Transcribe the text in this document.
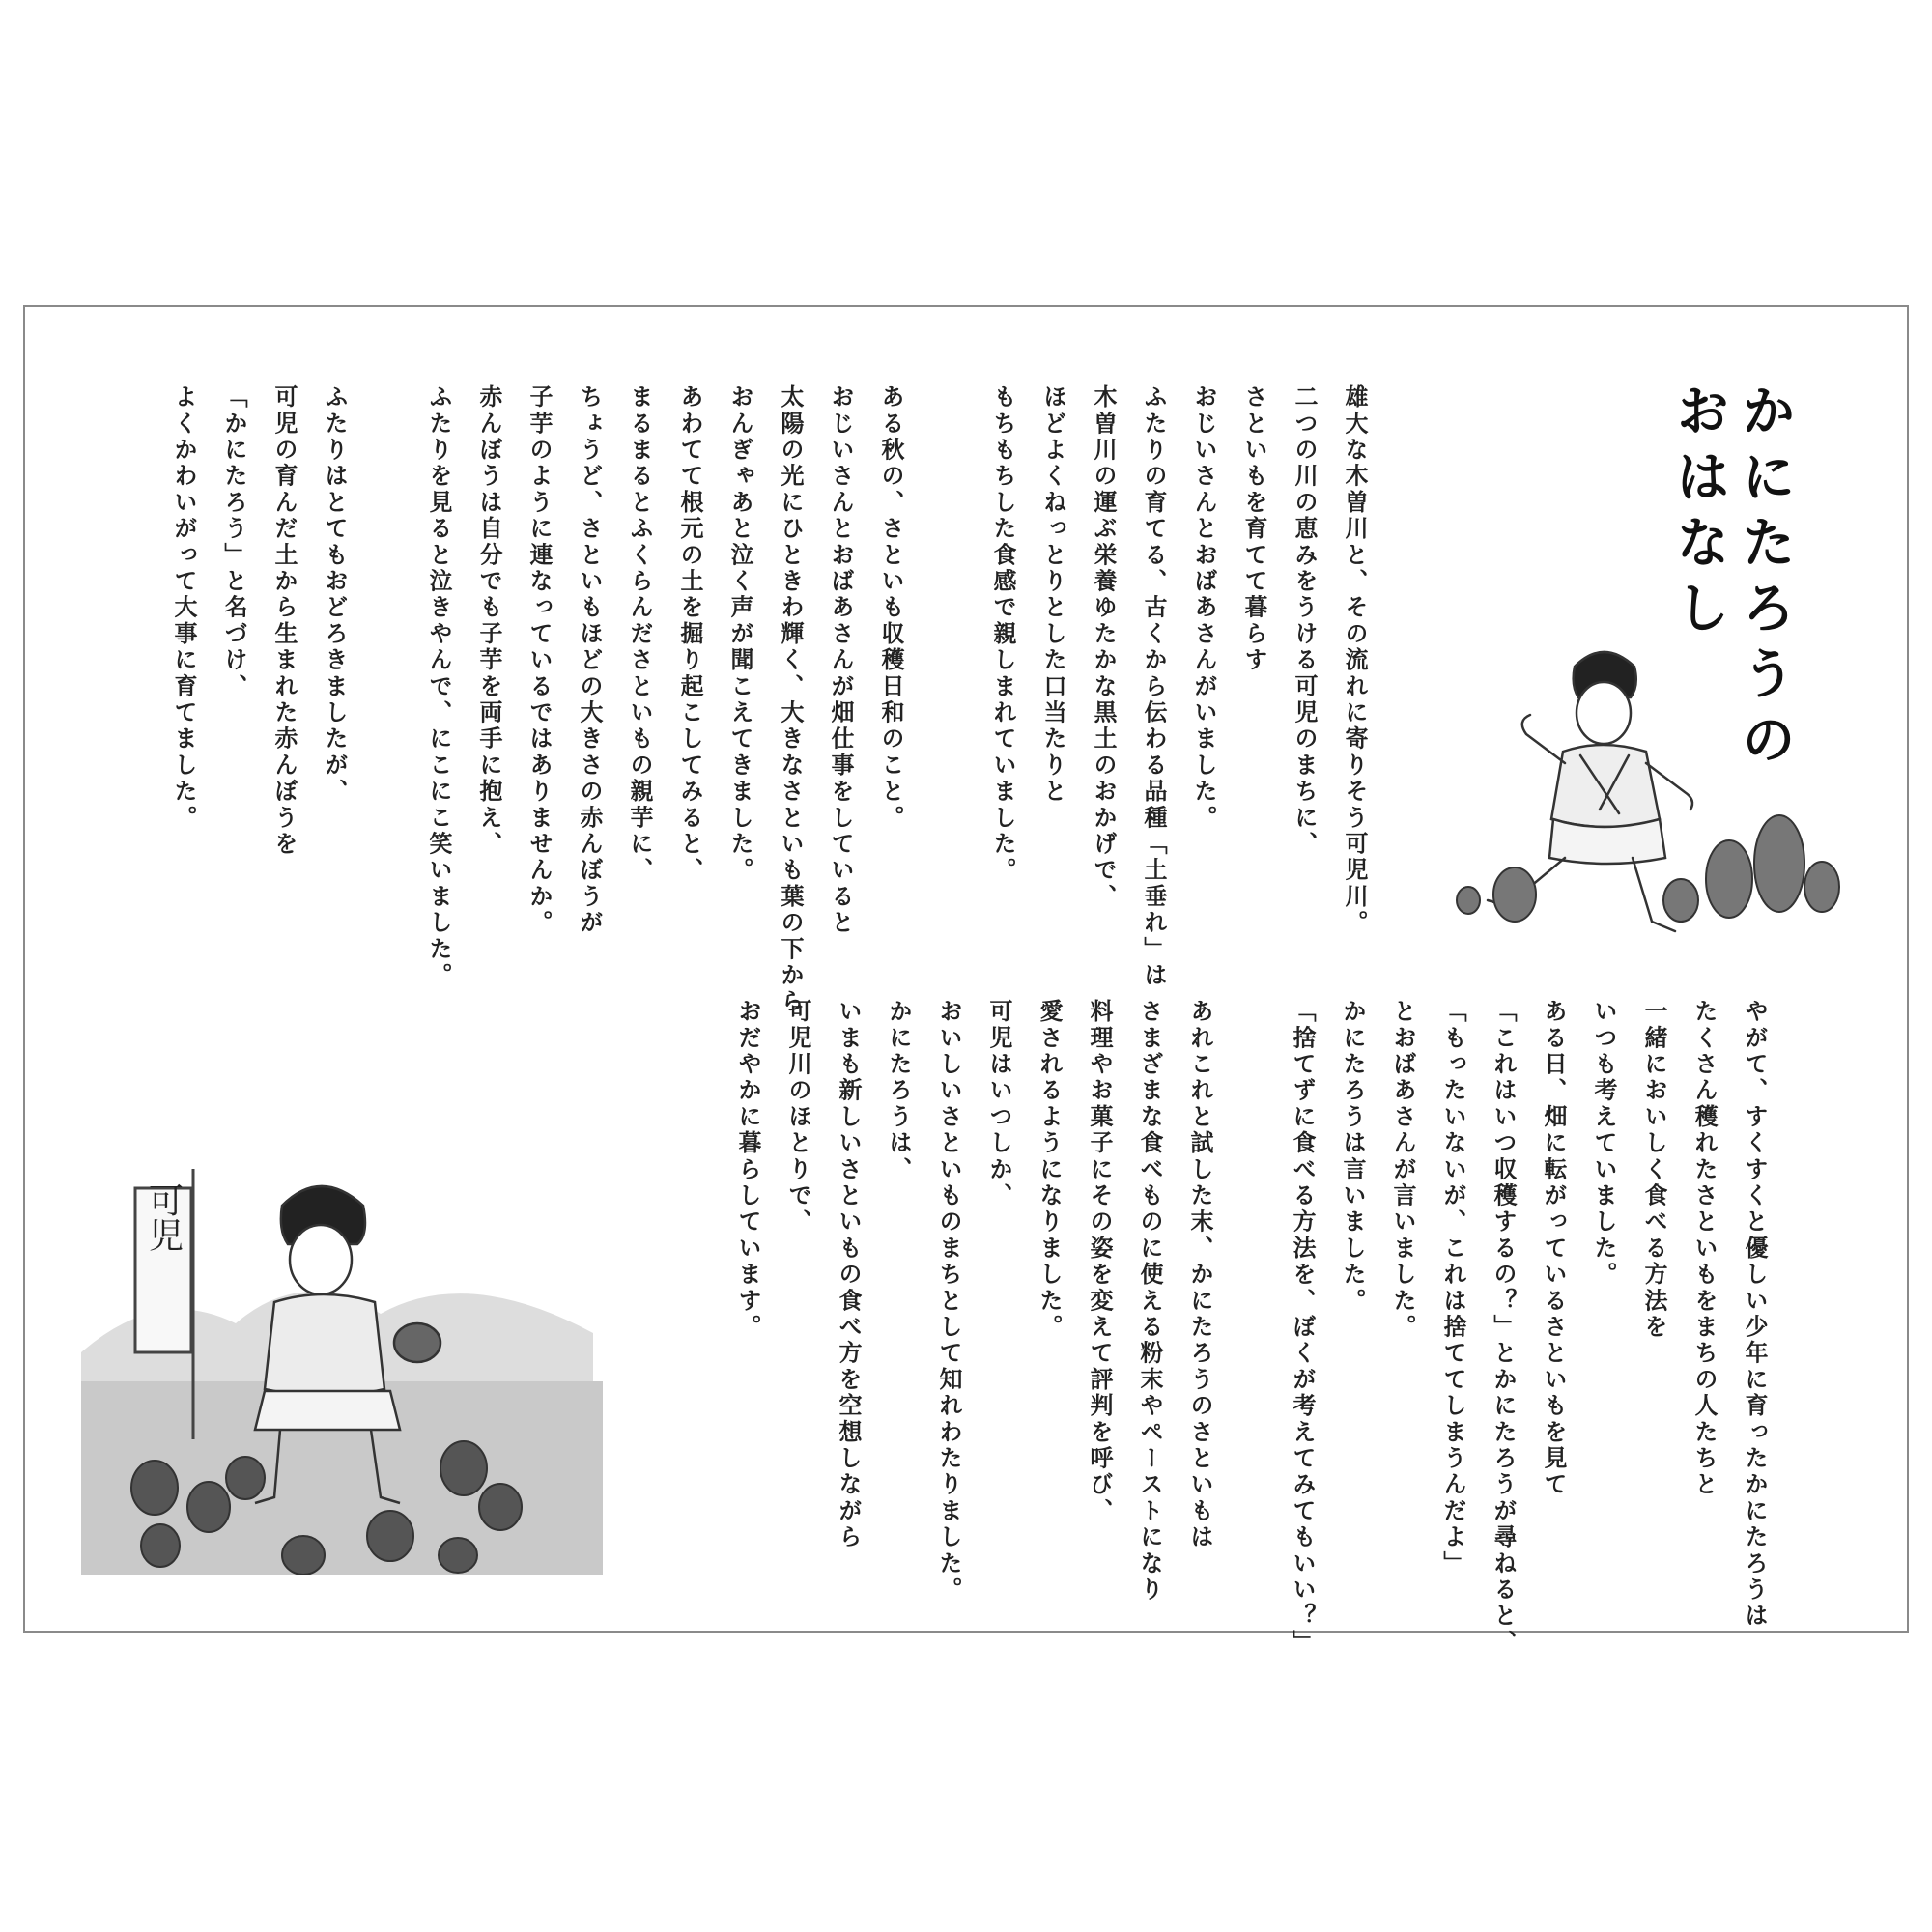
かにたろうの
おはなし
雄大な木曽川と、その流れに寄りそう可児川。
二つの川の恵みをうける可児のまちに、
さといもを育てて暮らす
おじいさんとおばあさんがいました。
ふたりの育てる、古くから伝わる品種「土垂れ」は
木曽川の運ぶ栄養ゆたかな黒土のおかげで、
ほどよくねっとりとした口当たりと
もちもちした食感で親しまれていました。
ある秋の、さといも収穫日和のこと。
おじいさんとおばあさんが畑仕事をしていると
太陽の光にひときわ輝く、大きなさといも葉の下から
おんぎゃあと泣く声が聞こえてきました。
あわてて根元の土を掘り起こしてみると、
まるまるとふくらんださといもの親芋に、
ちょうど、さといもほどの大きさの赤んぼうが
子芋のように連なっているではありませんか。
赤んぼうは自分でも子芋を両手に抱え、
ふたりを見ると泣きやんで、にこにこ笑いました。
ふたりはとてもおどろきましたが、
可児の育んだ土から生まれた赤んぼうを
「かにたろう」と名づけ、
よくかわいがって大事に育てました。
やがて、すくすくと優しい少年に育ったかにたろうは
たくさん穫れたさといもをまちの人たちと
一緒においしく食べる方法を
いつも考えていました。
ある日、畑に転がっているさといもを見て
「これはいつ収穫するの？」とかにたろうが尋ねると、
「もったいないが、これは捨ててしまうんだよ」
とおばあさんが言いました。
かにたろうは言いました。
「捨てずに食べる方法を、ぼくが考えてみてもいい？」
あれこれと試した末、かにたろうのさといもは
さまざまな食べものに使える粉末やペーストになり
料理やお菓子にその姿を変えて評判を呼び、
愛されるようになりました。
可児はいつしか、
おいしいさといものまちとして知れわたりました。
かにたろうは、
いまも新しいさといもの食べ方を空想しながら
可児川のほとりで、
おだやかに暮らしています。
可児
